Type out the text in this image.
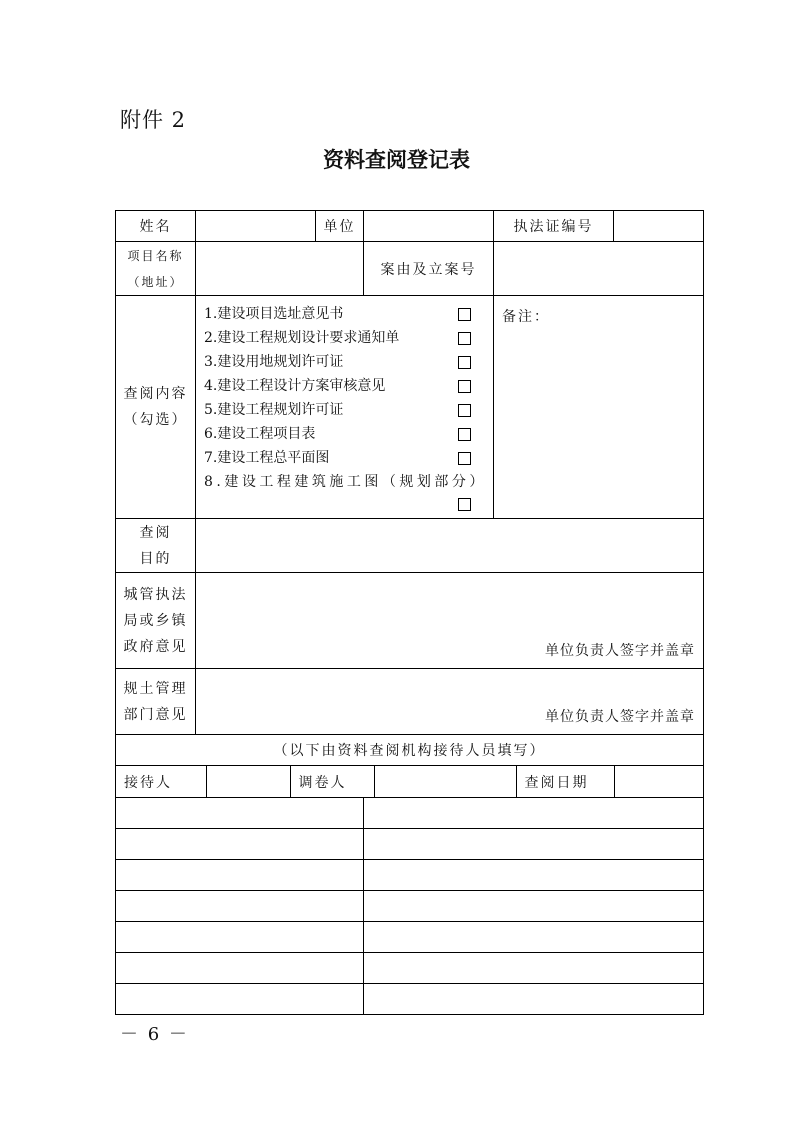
附件 2
资料查阅登记表
姓名		单位		执法证编号	

项目名称
（地址）
		案由及立案号	

查阅内容
（勾选）

1.建设项目选址意见书
2.建设工程规划设计要求通知单
3.建设用地规划许可证
4.建设工程设计方案审核意见
5.建设工程规划许可证
6.建设工程项目表
7.建设工程总平面图
8.建设工程建筑施工图（规划部分）
	备注：

查阅
目的

城管执法
局或乡镇
政府意见	单位负责人签字并盖章

规土管理
部门意见	单位负责人签字并盖章
（以下由资料查阅机构接待人员填写）

接待人		调卷人		查阅日期	

－ 6 －
